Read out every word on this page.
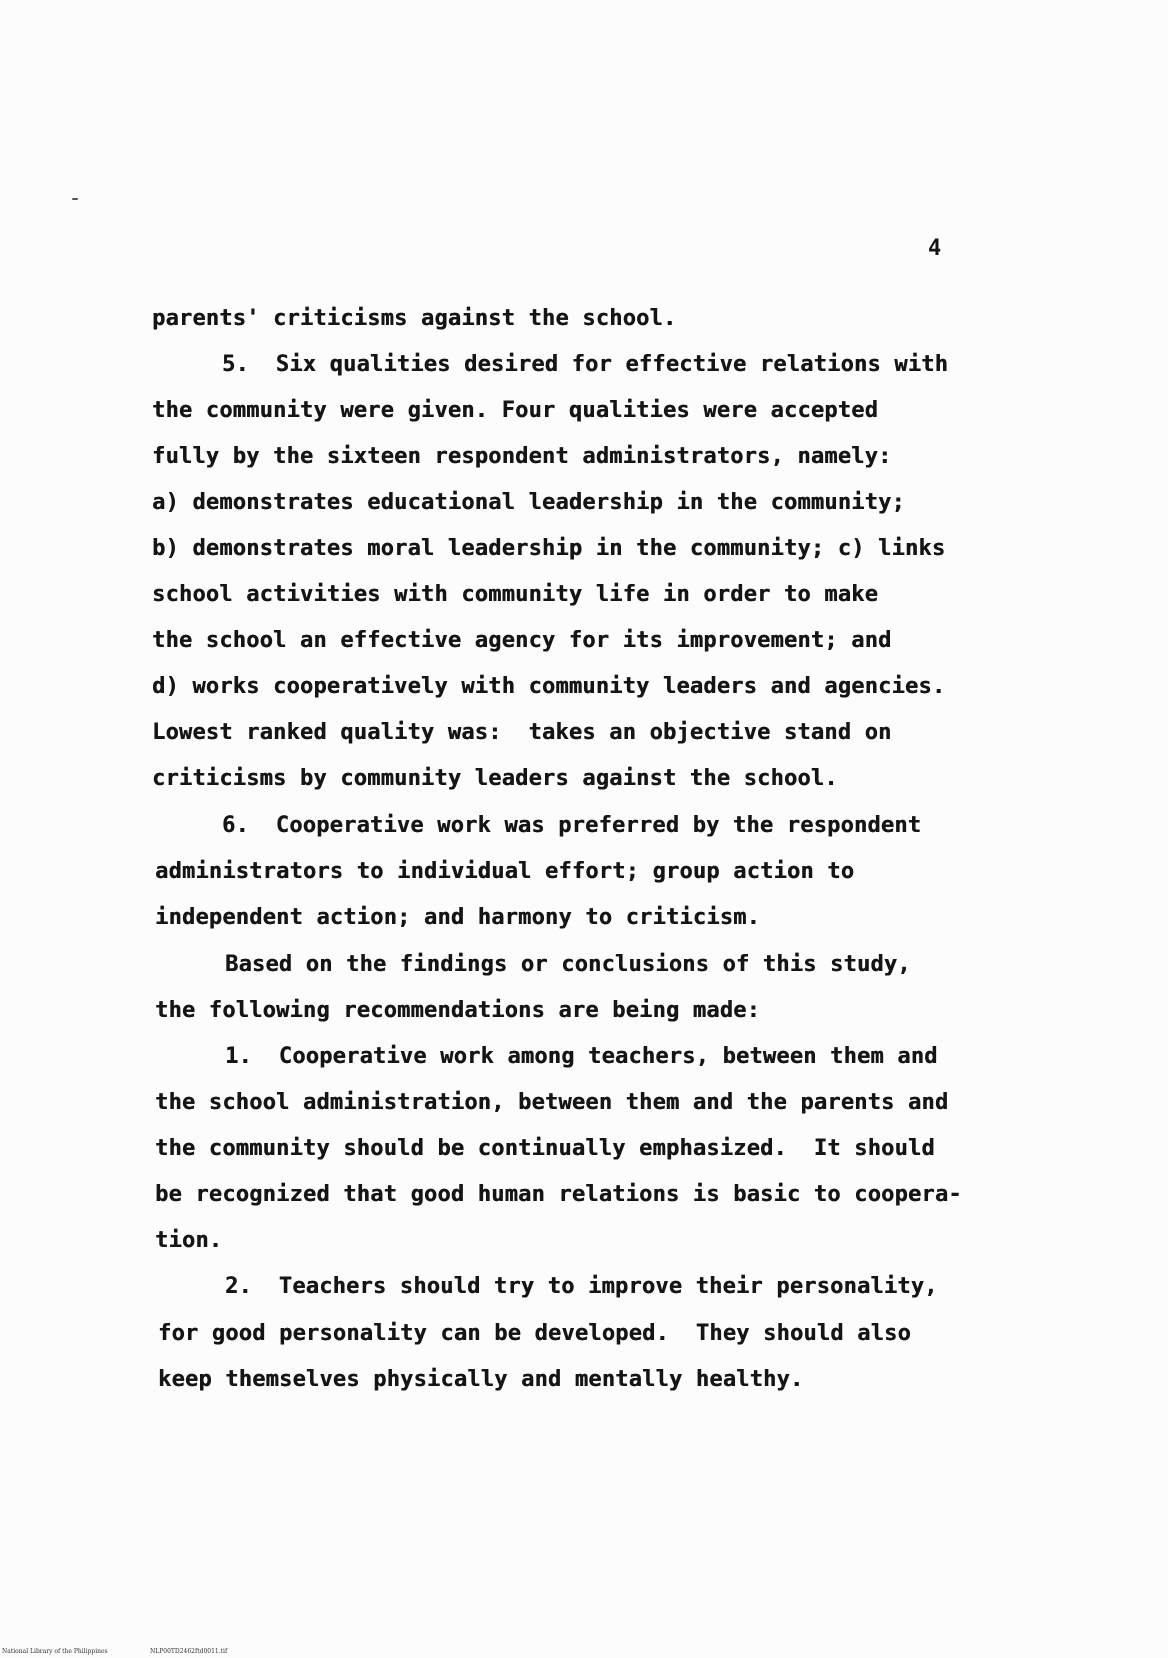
4
parents' criticisms against the school.
5.  Six qualities desired for effective relations with
the community were given. Four qualities were accepted
fully by the sixteen respondent administrators, namely:
a) demonstrates educational leadership in the community;
b) demonstrates moral leadership in the community; c) links
school activities with community life in order to make
the school an effective agency for its improvement; and
d) works cooperatively with community leaders and agencies.
Lowest ranked quality was:  takes an objective stand on
criticisms by community leaders against the school.
6.  Cooperative work was preferred by the respondent
administrators to individual effort; group action to
independent action; and harmony to criticism.
Based on the findings or conclusions of this study,
the following recommendations are being made:
1.  Cooperative work among teachers, between them and
the school administration, between them and the parents and
the community should be continually emphasized.  It should
be recognized that good human relations is basic to coopera-
tion.
2.  Teachers should try to improve their personality,
for good personality can be developed.  They should also
keep themselves physically and mentally healthy.
National Library of the Philippines	NLP00TD2462ftd0011.tif
